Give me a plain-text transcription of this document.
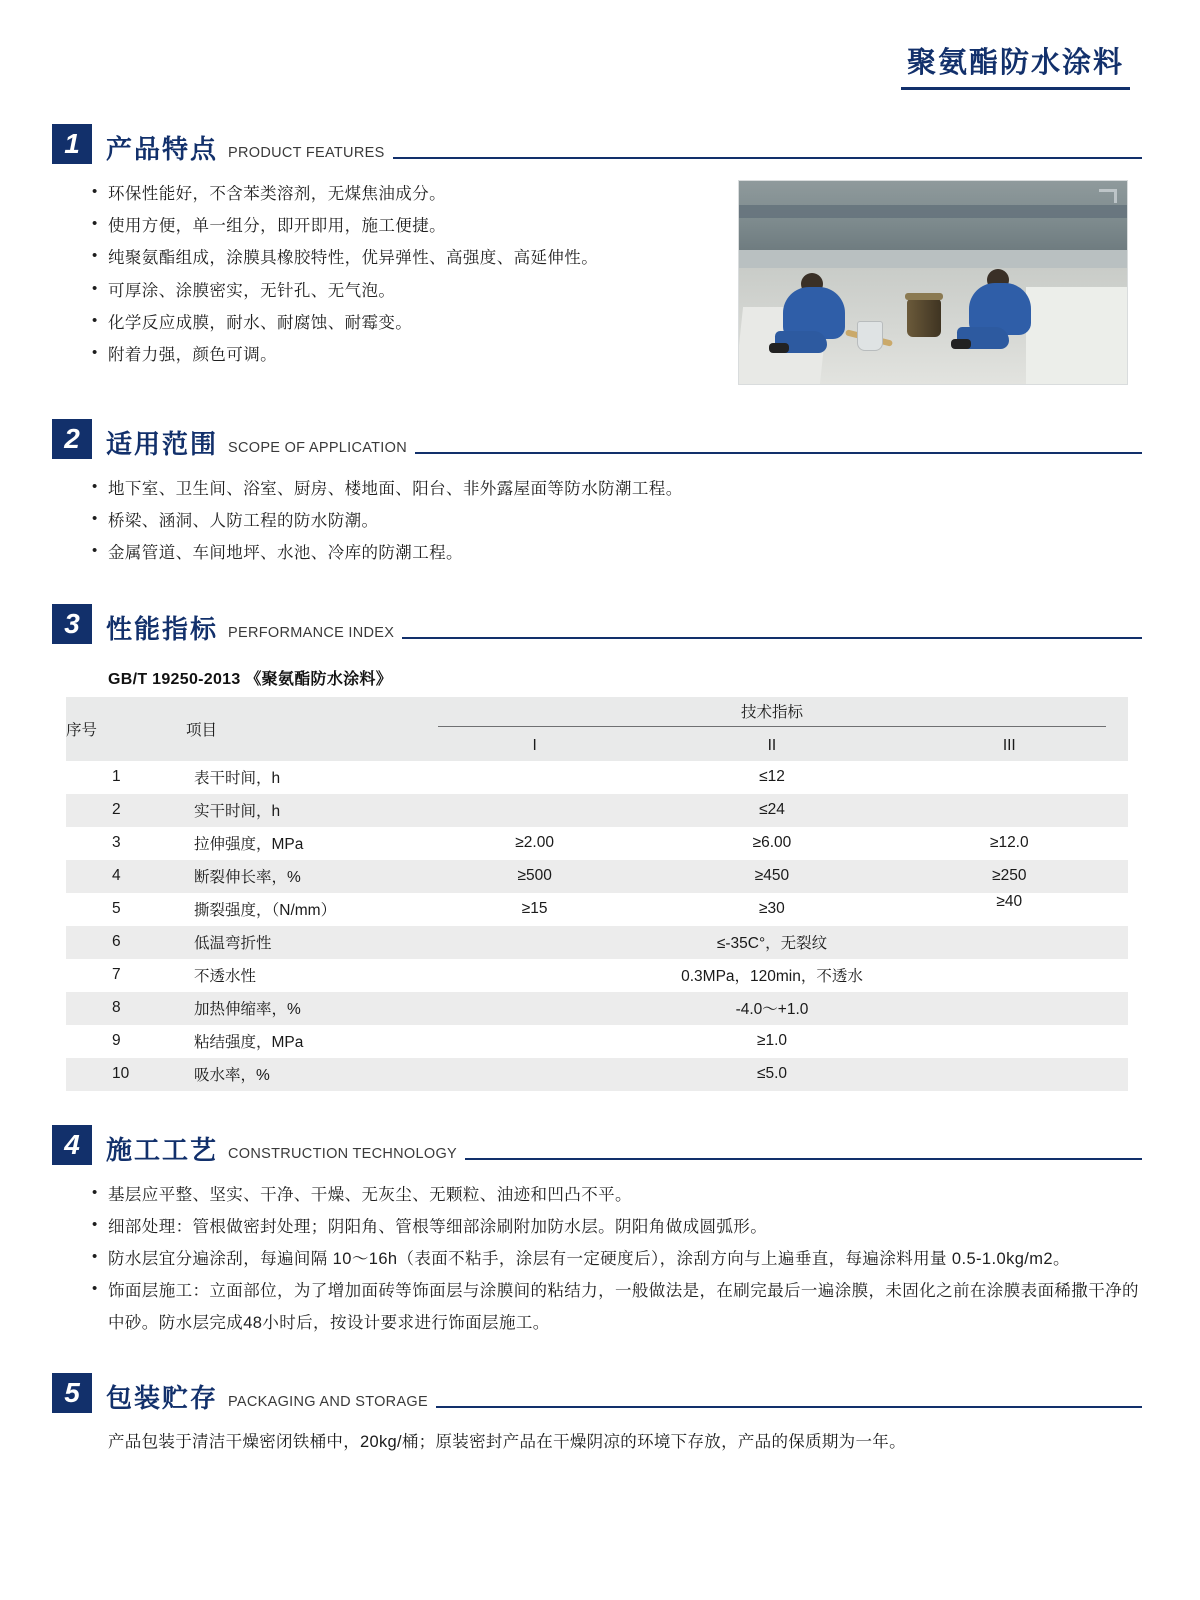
聚氨酯防水涂料
1	产品特点 PRODUCT FEATURES
• 环保性能好，不含苯类溶剂，无煤焦油成分。
• 使用方便，单一组分，即开即用，施工便捷。
• 纯聚氨酯组成，涂膜具橡胶特性，优异弹性、高强度、高延伸性。
• 可厚涂、涂膜密实，无针孔、无气泡。
• 化学反应成膜，耐水、耐腐蚀、耐霉变。
• 附着力强，颜色可调。
2	适用范围 SCOPE OF APPLICATION
• 地下室、卫生间、浴室、厨房、楼地面、阳台、非外露屋面等防水防潮工程。
• 桥梁、涵洞、人防工程的防水防潮。
• 金属管道、车间地坪、水池、冷库的防潮工程。
3	性能指标 PERFORMANCE INDEX
GB/T 19250-2013 《聚氨酯防水涂料》
序号	项目	技术指标		

		I	II	III
1	表干时间，h	≤12		
2	实干时间，h	≤24		
3	拉伸强度，MPa	≥2.00	≥6.00	≥12.0
4	断裂伸长率，%	≥500	≥450	≥250
5	撕裂强度，（N/mm）	≥15	≥30	≥40
6	低温弯折性	≤-35C°，无裂纹		
7	不透水性	0.3MPa，120min，不透水		
8	加热伸缩率，%	-4.0～+1.0		
9	粘结强度，MPa	≥1.0		
10	吸水率，%	≤5.0		
4	施工工艺 CONSTRUCTION TECHNOLOGY
• 基层应平整、坚实、干净、干燥、无灰尘、无颗粒、油迹和凹凸不平。
• 细部处理：管根做密封处理；阴阳角、管根等细部涂刷附加防水层。阴阳角做成圆弧形。
• 防水层宜分遍涂刮，每遍间隔 10～16h（表面不粘手，涂层有一定硬度后），涂刮方向与上遍垂直，每遍涂料用量 0.5-1.0kg/m2。
• 饰面层施工：立面部位，为了增加面砖等饰面层与涂膜间的粘结力，一般做法是，在刷完最后一遍涂膜，未固化之前在涂膜表面稀撒干净的中砂。防水层完成48小时后，按设计要求进行饰面层施工。
5	包装贮存 PACKAGING AND STORAGE
产品包装于清洁干燥密闭铁桶中，20kg/桶；原装密封产品在干燥阴凉的环境下存放，产品的保质期为一年。
